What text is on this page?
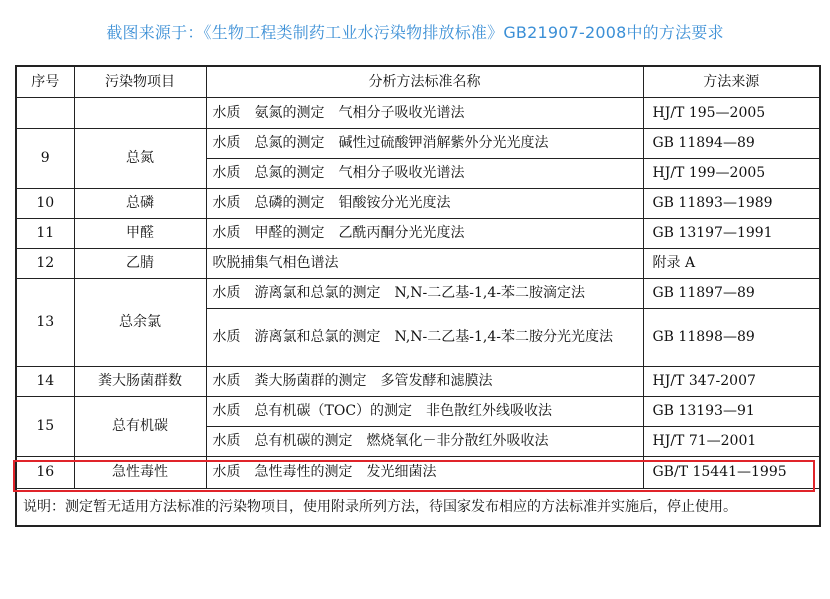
截图来源于：《生物工程类制药工业水污染物排放标准》GB21907-2008中的方法要求
序号	污染物项目	分析方法标准名称	方法来源
		水质　氨氮的测定　气相分子吸收光谱法	HJ/T 195—2005
9	总氮	水质　总氮的测定　碱性过硫酸钾消解紫外分光光度法	GB 11894—89
		水质　总氮的测定　气相分子吸收光谱法	HJ/T 199—2005
10	总磷	水质　总磷的测定　钼酸铵分光光度法	GB 11893—1989
11	甲醛	水质　甲醛的测定　乙酰丙酮分光光度法	GB 13197—1991
12	乙腈	吹脱捕集气相色谱法	附录 A
13	总余氯	水质　游离氯和总氯的测定　N,N-二乙基-1,4-苯二胺滴定法	GB 11897—89
		水质　游离氯和总氯的测定　N,N-二乙基-1,4-苯二胺分光光度法	GB 11898—89
14	粪大肠菌群数	水质　粪大肠菌群的测定　多管发酵和滤膜法	HJ/T 347-2007
15	总有机碳	水质　总有机碳（TOC）的测定　非色散红外线吸收法	GB 13193—91
		水质　总有机碳的测定　燃烧氧化－非分散红外吸收法	HJ/T 71—2001
16	急性毒性	水质　急性毒性的测定　发光细菌法	GB/T 15441—1995
说明：测定暂无适用方法标准的污染物项目，使用附录所列方法，待国家发布相应的方法标准并实施后，停止使用。			
